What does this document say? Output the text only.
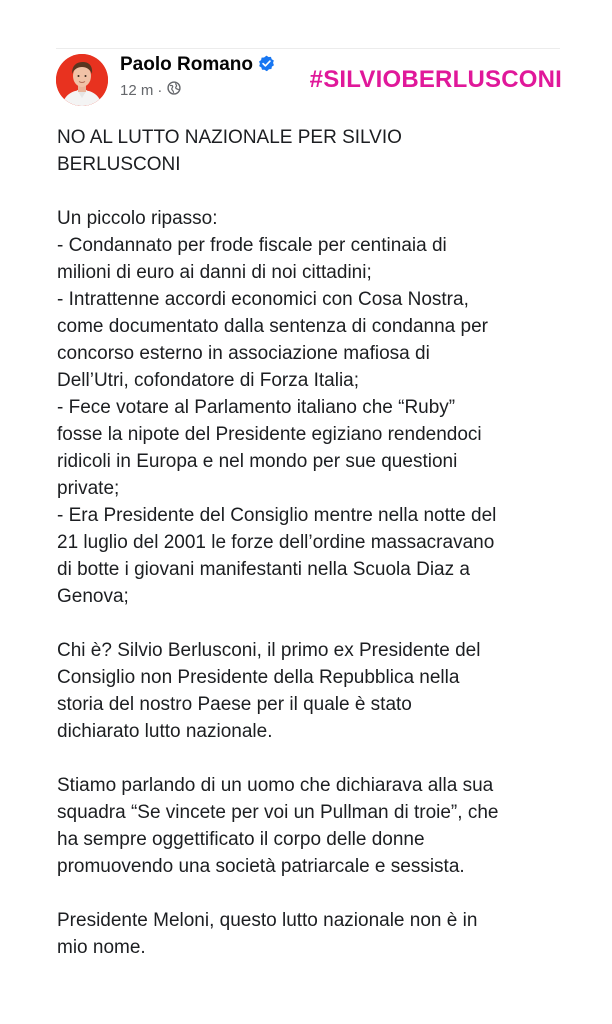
Paolo Romano
12 m ·	#SILVIOBERLUSCONI

NO AL LUTTO NAZIONALE PER SILVIO

BERLUSCONI

Un piccolo ripasso:

- Condannato per frode fiscale per centinaia di

milioni di euro ai danni di noi cittadini;

- Intrattenne accordi economici con Cosa Nostra,

come documentato dalla sentenza di condanna per

concorso esterno in associazione mafiosa di

Dell’Utri, cofondatore di Forza Italia;

- Fece votare al Parlamento italiano che “Ruby”

fosse la nipote del Presidente egiziano rendendoci

ridicoli in Europa e nel mondo per sue questioni

private;

- Era Presidente del Consiglio mentre nella notte del

21 luglio del 2001 le forze dell’ordine massacravano

di botte i giovani manifestanti nella Scuola Diaz a

Genova;

Chi è? Silvio Berlusconi, il primo ex Presidente del

Consiglio non Presidente della Repubblica nella

storia del nostro Paese per il quale è stato

dichiarato lutto nazionale.

Stiamo parlando di un uomo che dichiarava alla sua

squadra “Se vincete per voi un Pullman di troie”, che

ha sempre oggettificato il corpo delle donne

promuovendo una società patriarcale e sessista.

Presidente Meloni, questo lutto nazionale non è in

mio nome.
